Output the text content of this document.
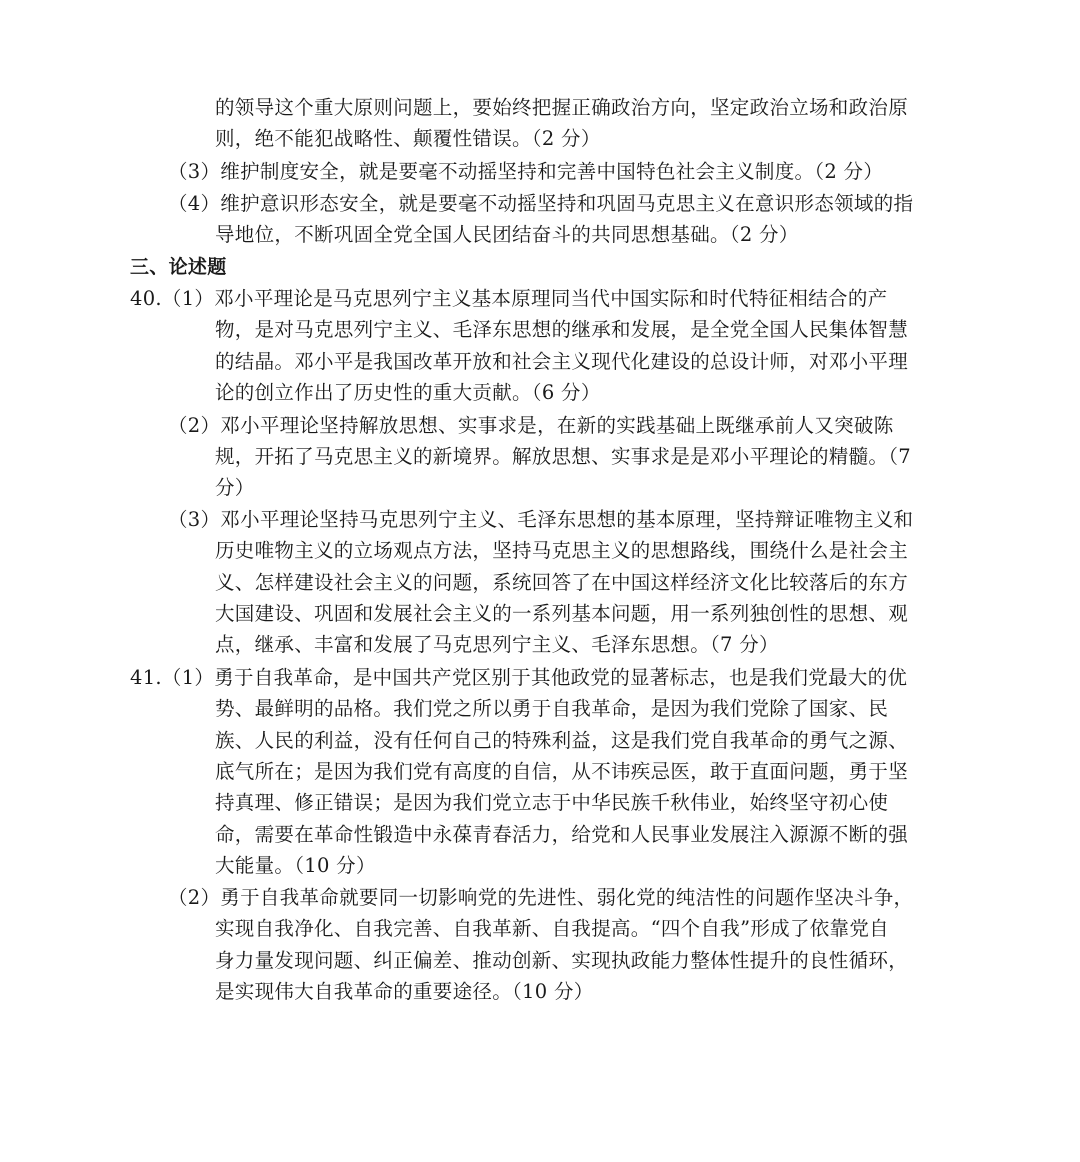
的领导这个重大原则问题上，要始终把握正确政治方向，坚定政治立场和政治原
则，绝不能犯战略性、颠覆性错误。（2 分）
（3）维护制度安全，就是要毫不动摇坚持和完善中国特色社会主义制度。（2 分）
（4）维护意识形态安全，就是要毫不动摇坚持和巩固马克思主义在意识形态领域的指
导地位，不断巩固全党全国人民团结奋斗的共同思想基础。（2 分）
三、论述题
40.（1）邓小平理论是马克思列宁主义基本原理同当代中国实际和时代特征相结合的产
物，是对马克思列宁主义、毛泽东思想的继承和发展，是全党全国人民集体智慧
的结晶。邓小平是我国改革开放和社会主义现代化建设的总设计师，对邓小平理
论的创立作出了历史性的重大贡献。（6 分）
（2）邓小平理论坚持解放思想、实事求是，在新的实践基础上既继承前人又突破陈
规，开拓了马克思主义的新境界。解放思想、实事求是是邓小平理论的精髓。（7
分）
（3）邓小平理论坚持马克思列宁主义、毛泽东思想的基本原理，坚持辩证唯物主义和
历史唯物主义的立场观点方法，坚持马克思主义的思想路线，围绕什么是社会主
义、怎样建设社会主义的问题，系统回答了在中国这样经济文化比较落后的东方
大国建设、巩固和发展社会主义的一系列基本问题，用一系列独创性的思想、观
点，继承、丰富和发展了马克思列宁主义、毛泽东思想。（7 分）
41.（1）勇于自我革命，是中国共产党区别于其他政党的显著标志，也是我们党最大的优
势、最鲜明的品格。我们党之所以勇于自我革命，是因为我们党除了国家、民
族、人民的利益，没有任何自己的特殊利益，这是我们党自我革命的勇气之源、
底气所在；是因为我们党有高度的自信，从不讳疾忌医，敢于直面问题，勇于坚
持真理、修正错误；是因为我们党立志于中华民族千秋伟业，始终坚守初心使
命，需要在革命性锻造中永葆青春活力，给党和人民事业发展注入源源不断的强
大能量。（10 分）
（2）勇于自我革命就要同一切影响党的先进性、弱化党的纯洁性的问题作坚决斗争，
实现自我净化、自我完善、自我革新、自我提高。“四个自我”形成了依靠党自
身力量发现问题、纠正偏差、推动创新、实现执政能力整体性提升的良性循环，
是实现伟大自我革命的重要途径。（10 分）
